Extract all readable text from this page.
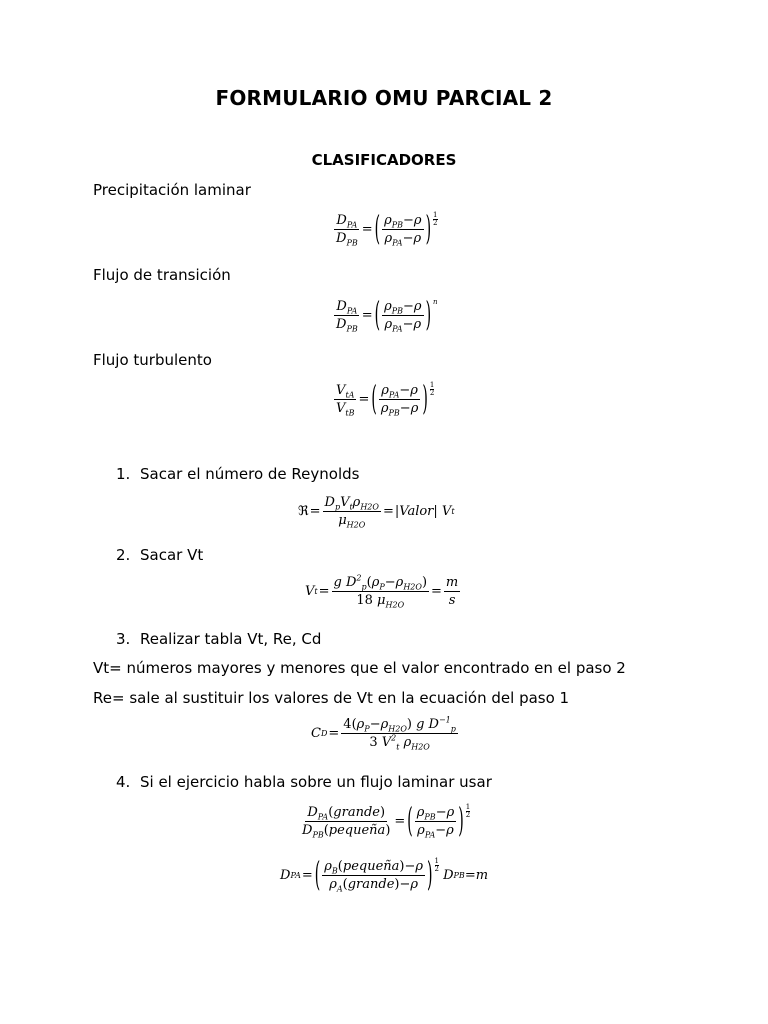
FORMULARIO OMU PARCIAL 2
CLASIFICADORES
Precipitación laminar
$\frac{D_{PA}}{D_{PB}}$ = ( $\frac{\rho_{PB}-\rho}{\rho_{PA}-\rho}$ ) 1
2
Flujo de transición
$\frac{D_{PA}}{D_{PB}}$ = ( $\frac{\rho_{PB}-\rho}{\rho_{PA}-\rho}$ ) n
Flujo turbulento
$\frac{V_{tA}}{V_{tB}}$ = ( $\frac{\rho_{PA}-\rho}{\rho_{PB}-\rho}$ ) 1
2
1. Sacar el número de Reynolds
ℜ = $\frac{D_pV_t\rho_{H2O}}{\mu_{H2O}}$ = | Valor | V t
2. Sacar Vt
V $t = \frac{g D^2_p(\rho_P-\rho_{H2O})}{18 \mu_{H2O}} = \frac{m}{s}$
3. Realizar tabla Vt, Re, Cd
Vt= números mayores y menores que el valor encontrado en el paso 2
Re= sale al sustituir los valores de Vt en la ecuación del paso 1
C $D = \frac{4(\rho_P-\rho_{H2O}) g D^{-1}_p}{3 V^2_t \rho_{H2O}}$
4. Si el ejercicio habla sobre un flujo laminar usar
$\frac{D_{PA}(grande)}{D_{PB}(pequeña)}$ = ( $\frac{\rho_{PB}-\rho}{\rho_{PA}-\rho}$ ) 1
2
D PA = ( $\frac{\rho_B(pequeña)-\rho}{\rho_A(grande)-\rho}$ ) 1
2 D PB =m
